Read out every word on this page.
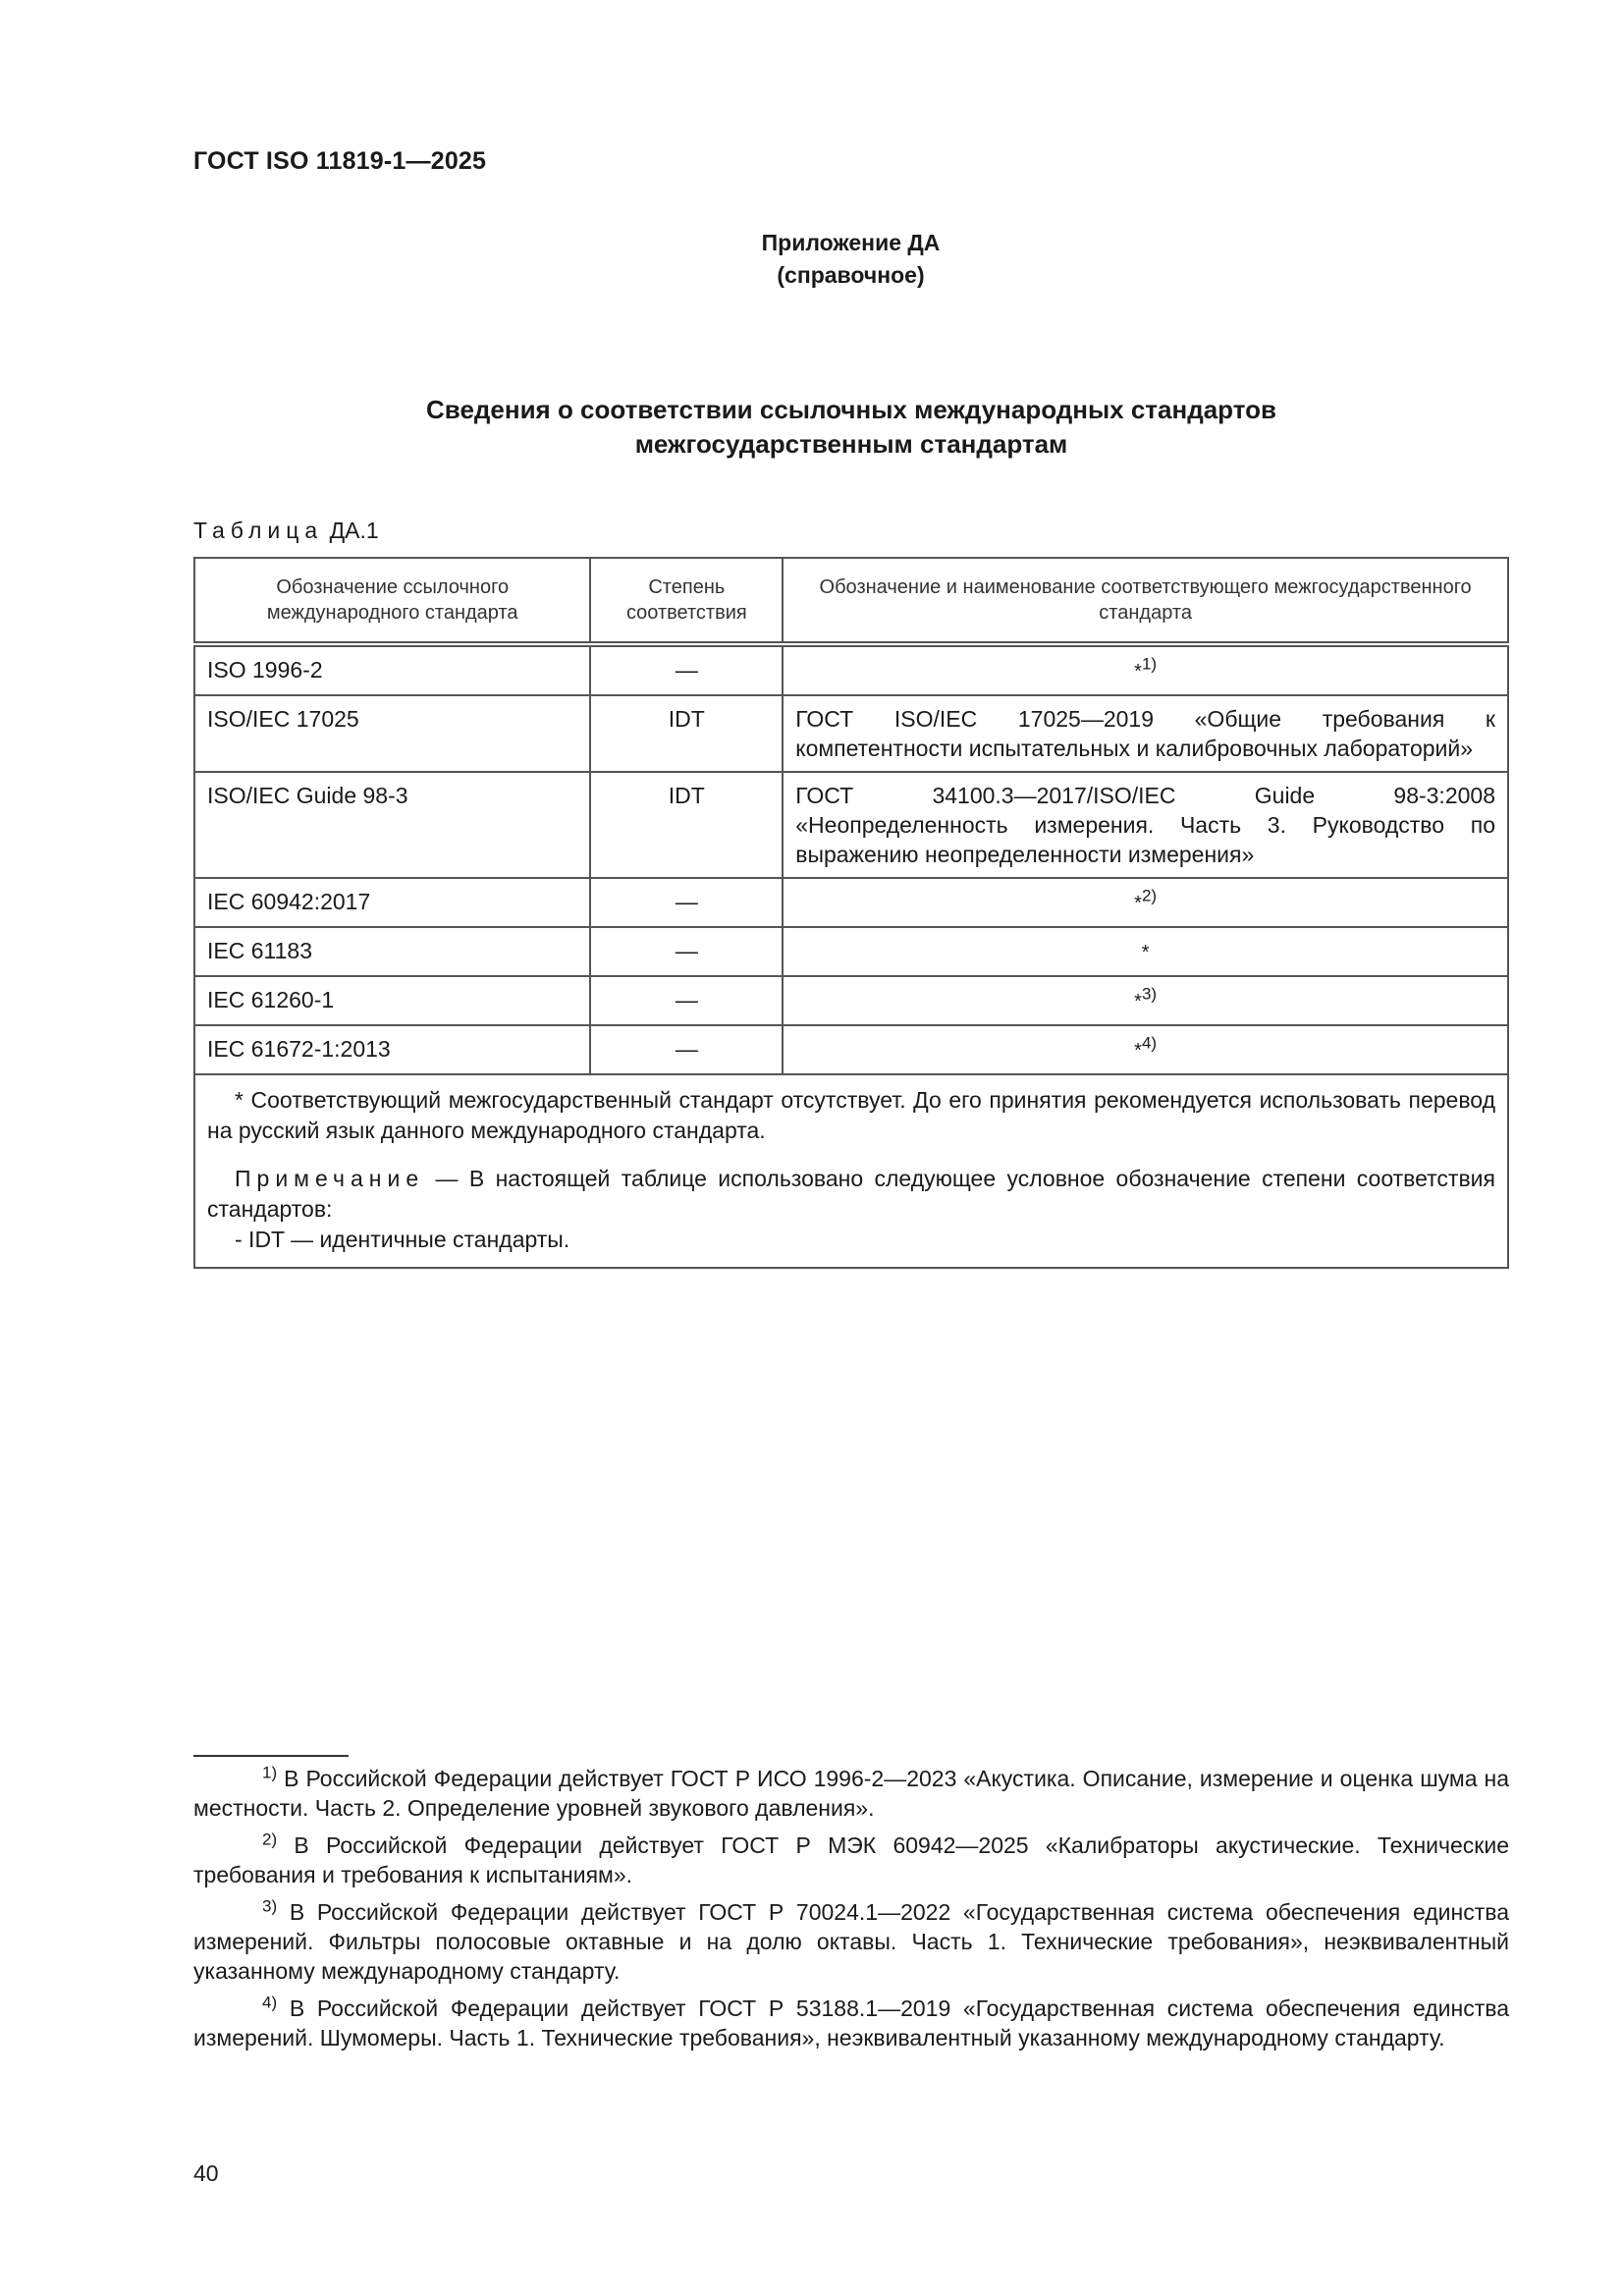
ГОСТ ISO 11819-1—2025
Приложение ДА
(справочное)
Сведения о соответствии ссылочных международных стандартов
межгосударственным стандартам
Таблица ДА.1
Обозначение ссылочного международного стандарта	Степень соответствия	Обозначение и наименование соответствующего межгосударственного стандарта
ISO 1996-2	—	*$^{1)}$
ISO/IEC 17025	IDT	ГОСТ ISO/IEC 17025—2019 «Общие требования к компетентности испытательных и калибровочных лабораторий»
ISO/IEC Guide 98-3	IDT	ГОСТ 34100.3—2017/ISO/IEC Guide 98-3:2008 «Неопределенность измерения. Часть 3. Руководство по выражению неопределенности измерения»
IEC 60942:2017	—	*$^{2)}$
IEC 61183	—	*
IEC 61260-1	—	*$^{3)}$
IEC 61672-1:2013	—	*$^{4)}$

* Соответствующий межгосударственный стандарт отсутствует. До его принятия рекомендуется использовать перевод на русский язык данного международного стандарта.

Примечание — В настоящей таблице использовано следующее условное обозначение степени соответствия стандартов:

- IDT — идентичные стандарты.		

$^{1)}$ В Российской Федерации действует ГОСТ Р ИСО 1996-2—2023 «Акустика. Описание, измерение и оценка шума на местности. Часть 2. Определение уровней звукового давления».

$^{2)}$ В Российской Федерации действует ГОСТ Р МЭК 60942—2025 «Калибраторы акустические. Технические требования и требования к испытаниям».

$^{3)}$ В Российской Федерации действует ГОСТ Р 70024.1—2022 «Государственная система обеспечения единства измерений. Фильтры полосовые октавные и на долю октавы. Часть 1. Технические требования», неэквивалентный указанному международному стандарту.

$^{4)}$ В Российской Федерации действует ГОСТ Р 53188.1—2019 «Государственная система обеспечения единства измерений. Шумомеры. Часть 1. Технические требования», неэквивалентный указанному международному стандарту.

40
